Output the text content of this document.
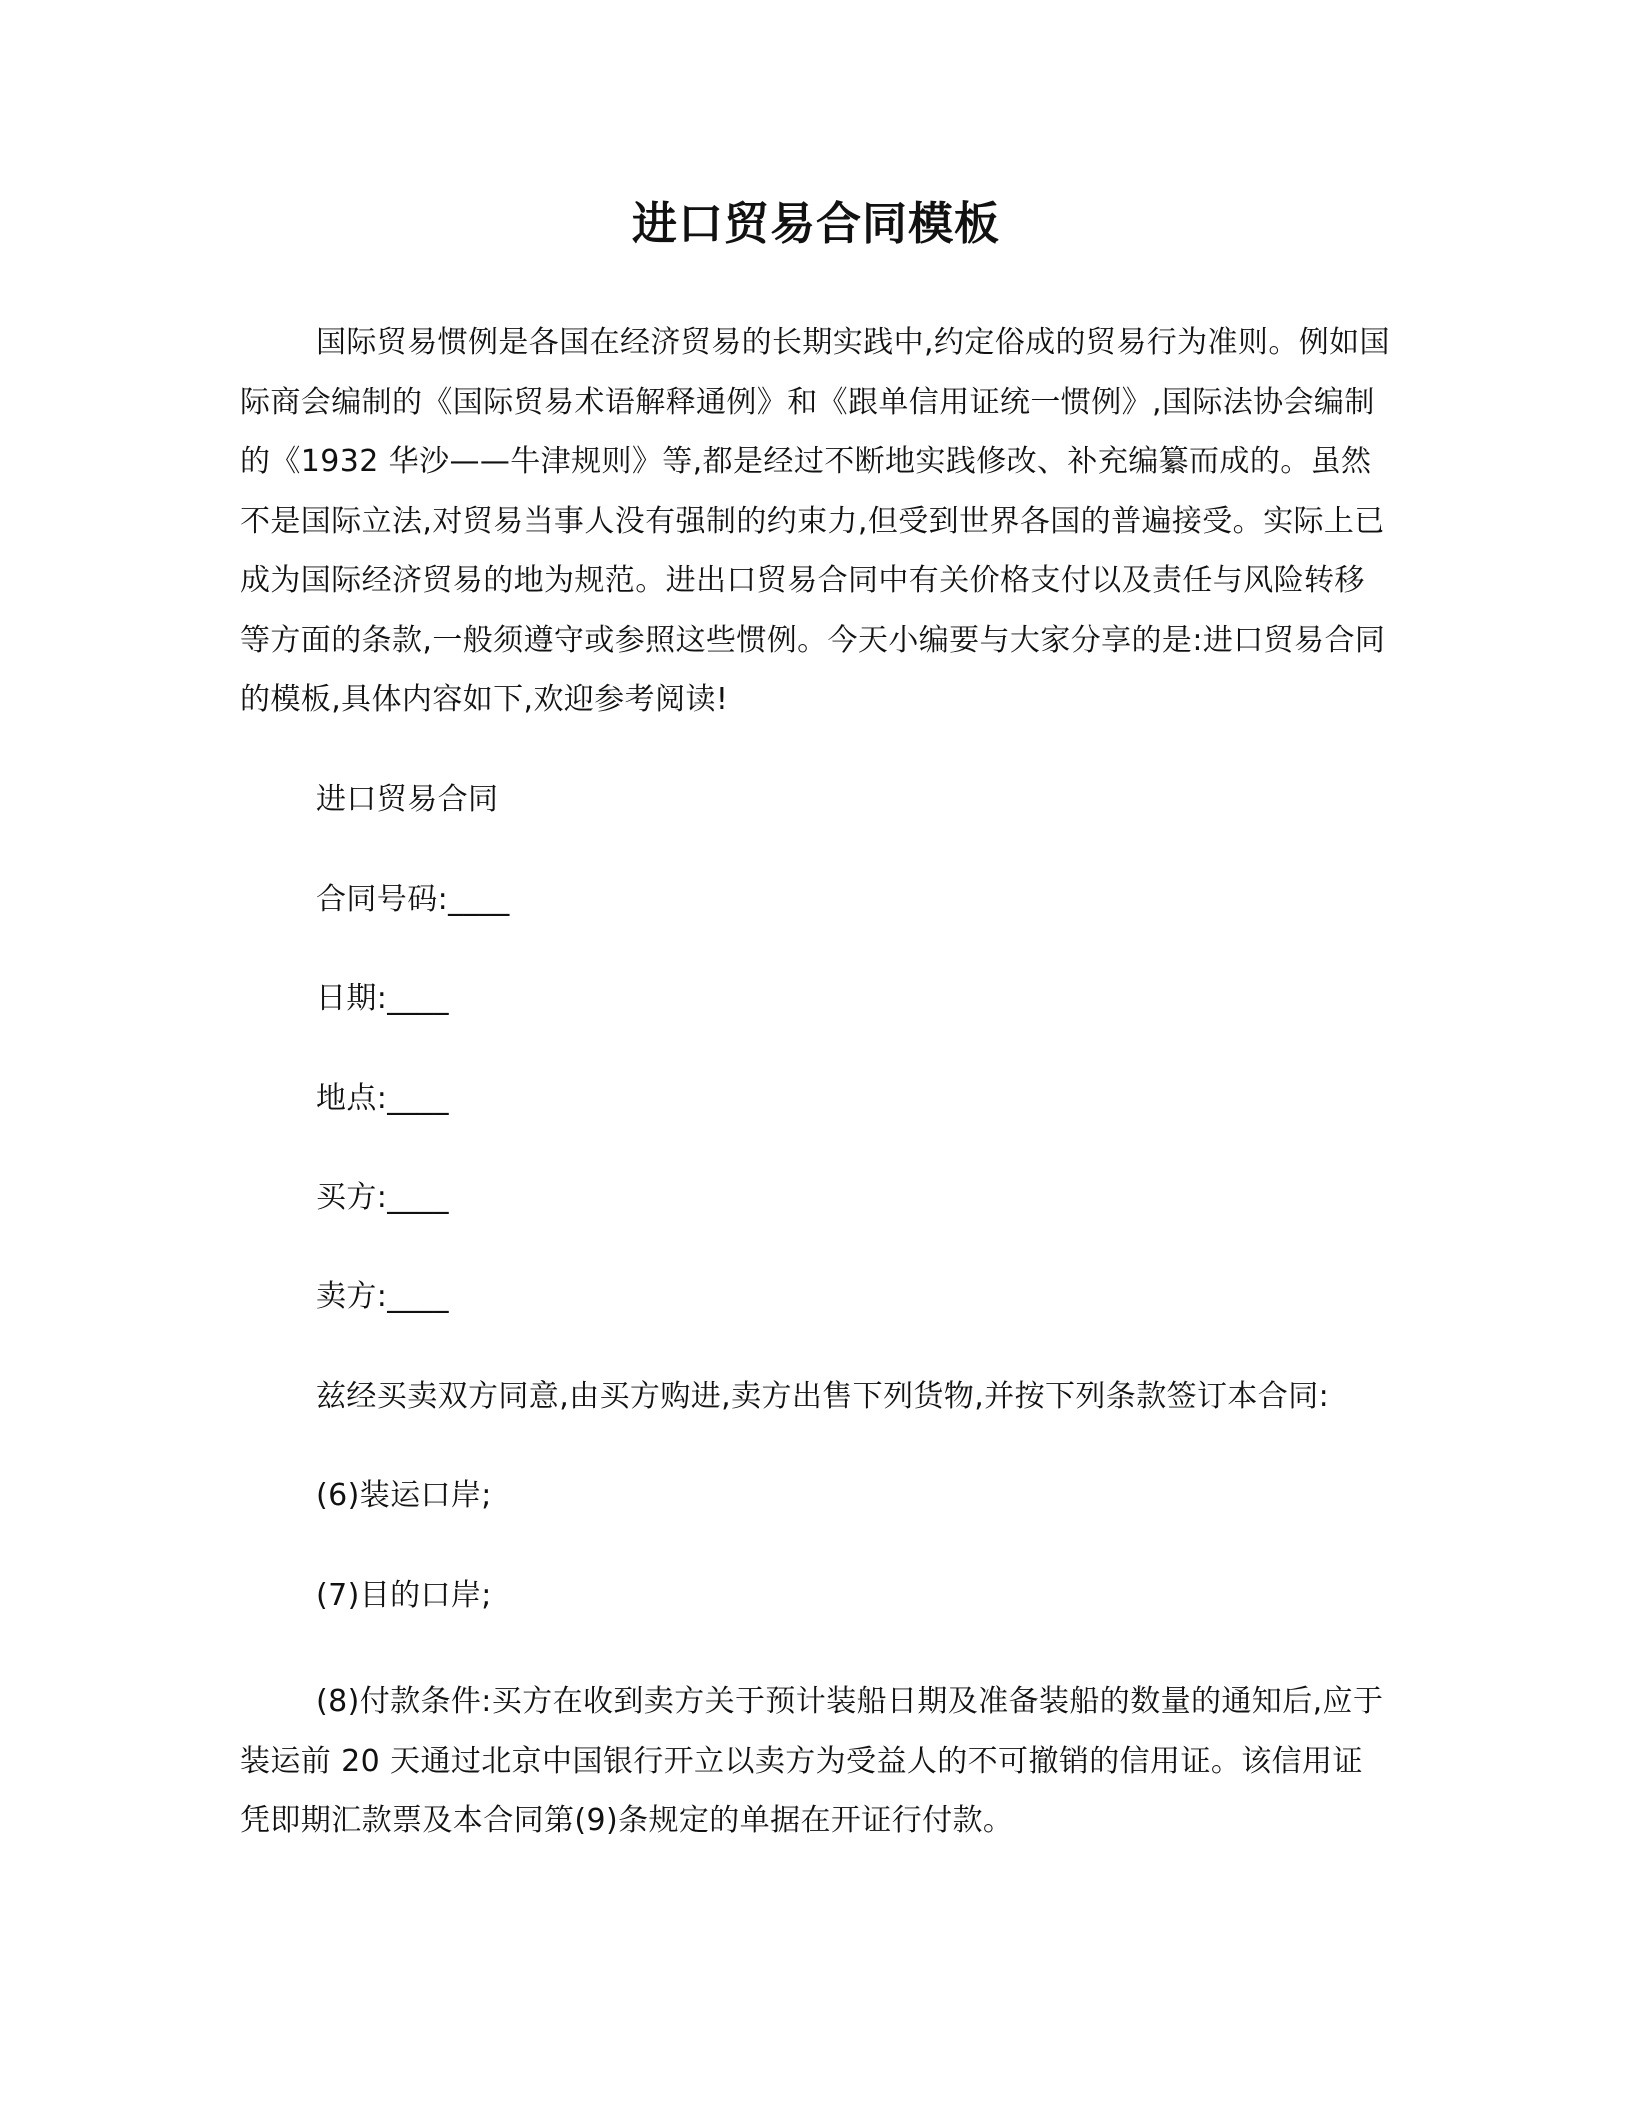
进口贸易合同模板

国际贸易惯例是各国在经济贸易的长期实践中,约定俗成的贸易行为准则。例如国际商会编制的《国际贸易术语解释通例》和《跟单信用证统一惯例》,国际法协会编制的《1932 华沙——牛津规则》等,都是经过不断地实践修改、补充编纂而成的。虽然不是国际立法,对贸易当事人没有强制的约束力,但受到世界各国的普遍接受。实际上已成为国际经济贸易的地为规范。进出口贸易合同中有关价格支付以及责任与风险转移等方面的条款,一般须遵守或参照这些惯例。今天小编要与大家分享的是:进口贸易合同的模板,具体内容如下,欢迎参考阅读!

进口贸易合同

合同号码:____

日期:____

地点:____

买方:____

卖方:____

兹经买卖双方同意,由买方购进,卖方出售下列货物,并按下列条款签订本合同:

(6)装运口岸;

(7)目的口岸;

(8)付款条件:买方在收到卖方关于预计装船日期及准备装船的数量的通知后,应于装运前 20 天通过北京中国银行开立以卖方为受益人的不可撤销的信用证。该信用证凭即期汇款票及本合同第(9)条规定的单据在开证行付款。
